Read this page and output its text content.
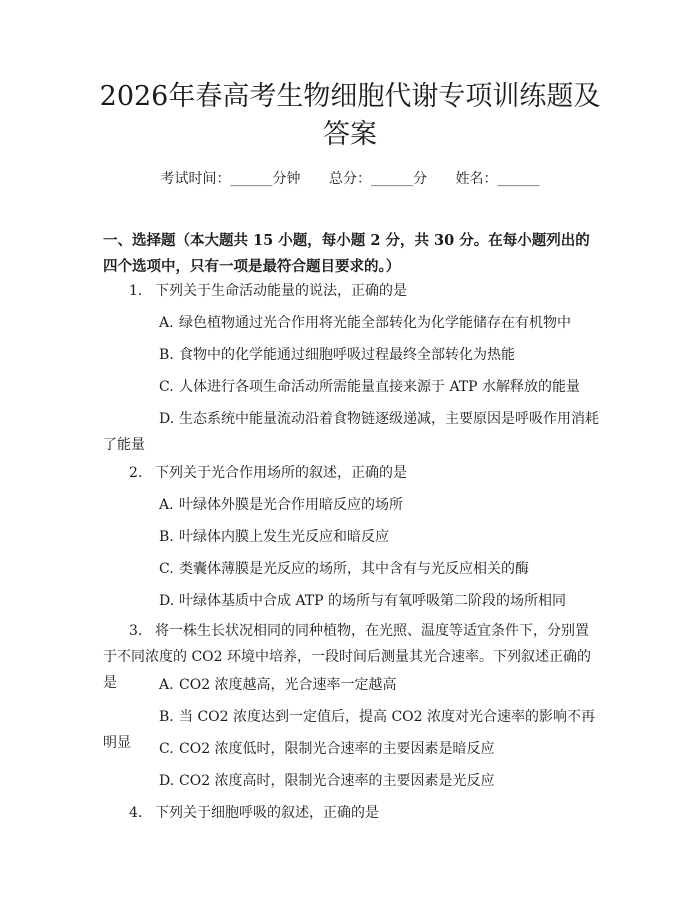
2026年春高考生物细胞代谢专项训练题及答案
考试时间：______分钟 总分：______分 姓名：______

一、选择题（本大题共 15 小题，每小题 2 分，共 30 分。在每小题列出的四个选项中，只有一项是最符合题目要求的。）

1. 下列关于生命活动能量的说法，正确的是

A. 绿色植物通过光合作用将光能全部转化为化学能储存在有机物中

B. 食物中的化学能通过细胞呼吸过程最终全部转化为热能

C. 人体进行各项生命活动所需能量直接来源于 ATP 水解释放的能量

D. 生态系统中能量流动沿着食物链逐级递减，主要原因是呼吸作用消耗了能量

2. 下列关于光合作用场所的叙述，正确的是

A. 叶绿体外膜是光合作用暗反应的场所

B. 叶绿体内膜上发生光反应和暗反应

C. 类囊体薄膜是光反应的场所，其中含有与光反应相关的酶

D. 叶绿体基质中合成 ATP 的场所与有氧呼吸第二阶段的场所相同

3. 将一株生长状况相同的同种植物，在光照、温度等适宜条件下，分别置于不同浓度的 CO2 环境中培养，一段时间后测量其光合速率。下列叙述正确的是	A. CO2 浓度越高，光合速率一定越高

B. 当 CO2 浓度达到一定值后，提高 CO2 浓度对光合速率的影响不再明显	C. CO2 浓度低时，限制光合速率的主要因素是暗反应

D. CO2 浓度高时，限制光合速率的主要因素是光反应

4. 下列关于细胞呼吸的叙述，正确的是
